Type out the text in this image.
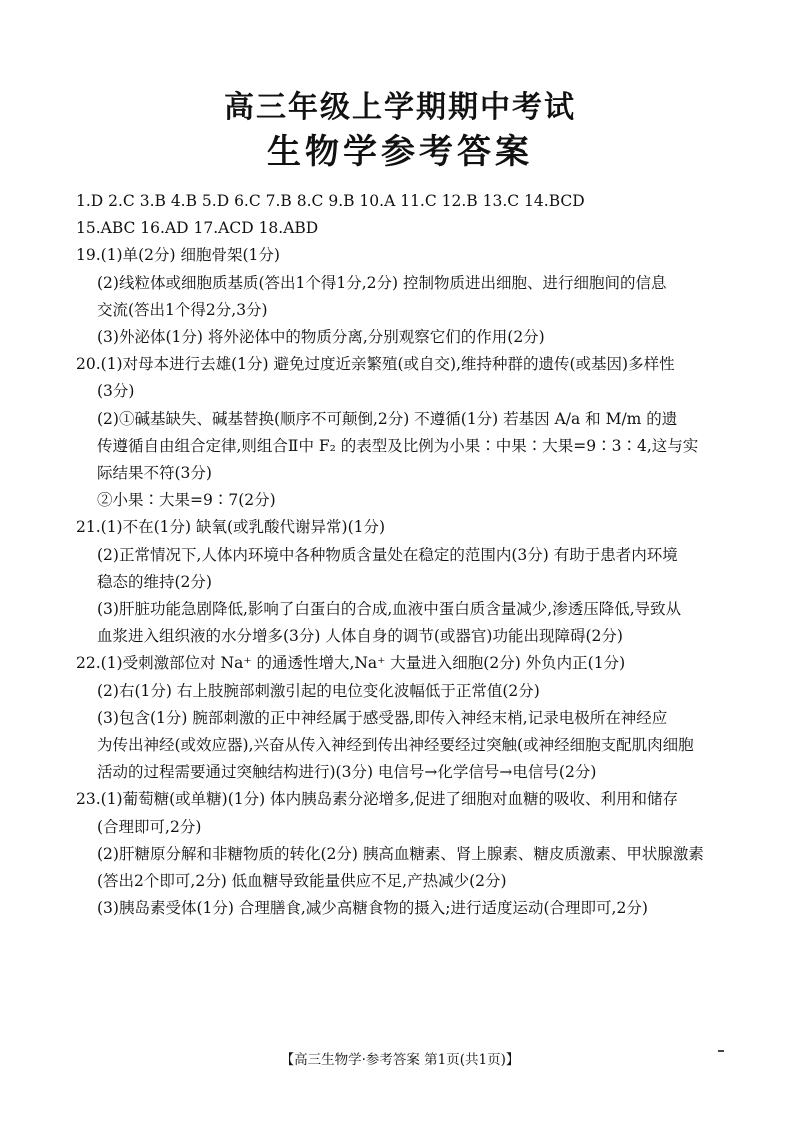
高三年级上学期期中考试
生物学参考答案
1.D 2.C 3.B 4.B 5.D 6.C 7.B 8.C 9.B 10.A 11.C 12.B 13.C 14.BCD
15.ABC 16.AD 17.ACD 18.ABD
19.(1)单(2分) 细胞骨架(1分)
(2)线粒体或细胞质基质(答出1个得1分,2分) 控制物质进出细胞、进行细胞间的信息
交流(答出1个得2分,3分)
(3)外泌体(1分) 将外泌体中的物质分离,分别观察它们的作用(2分)
20.(1)对母本进行去雄(1分) 避免过度近亲繁殖(或自交),维持种群的遗传(或基因)多样性
(3分)
(2)①碱基缺失、碱基替换(顺序不可颠倒,2分) 不遵循(1分) 若基因 A/a 和 M/m 的遗
传遵循自由组合定律,则组合Ⅱ中 F₂ 的表型及比例为小果∶中果∶大果=9∶3∶4,这与实
际结果不符(3分)
②小果∶大果=9∶7(2分)
21.(1)不在(1分) 缺氧(或乳酸代谢异常)(1分)
(2)正常情况下,人体内环境中各种物质含量处在稳定的范围内(3分) 有助于患者内环境
稳态的维持(2分)
(3)肝脏功能急剧降低,影响了白蛋白的合成,血液中蛋白质含量减少,渗透压降低,导致从
血浆进入组织液的水分增多(3分) 人体自身的调节(或器官)功能出现障碍(2分)
22.(1)受刺激部位对 Na⁺ 的通透性增大,Na⁺ 大量进入细胞(2分) 外负内正(1分)
(2)右(1分) 右上肢腕部刺激引起的电位变化波幅低于正常值(2分)
(3)包含(1分) 腕部刺激的正中神经属于感受器,即传入神经末梢,记录电极所在神经应
为传出神经(或效应器),兴奋从传入神经到传出神经要经过突触(或神经细胞支配肌肉细胞
活动的过程需要通过突触结构进行)(3分) 电信号→化学信号→电信号(2分)
23.(1)葡萄糖(或单糖)(1分) 体内胰岛素分泌增多,促进了细胞对血糖的吸收、利用和储存
(合理即可,2分)
(2)肝糖原分解和非糖物质的转化(2分) 胰高血糖素、肾上腺素、糖皮质激素、甲状腺激素
(答出2个即可,2分) 低血糖导致能量供应不足,产热减少(2分)
(3)胰岛素受体(1分) 合理膳食,减少高糖食物的摄入;进行适度运动(合理即可,2分)
【高三生物学·参考答案 第1页(共1页)】
